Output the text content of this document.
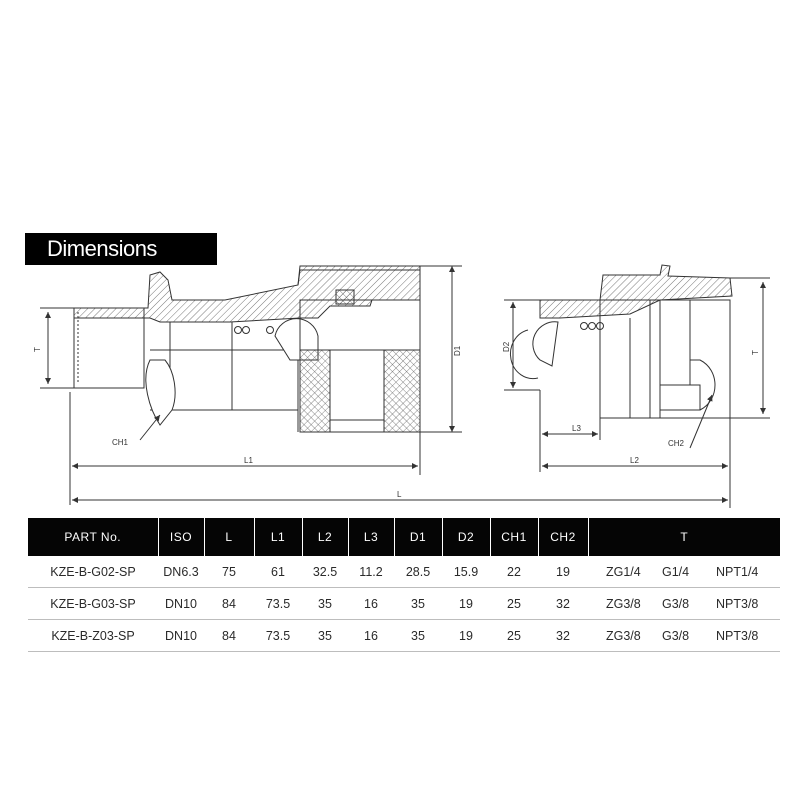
Dimensions
T
CH1
L1
D1
L
D2
L3
CH2
L2
T
PART No.	ISO	L	L1	L2	L3	D1	D2	CH1	CH2	T
KZE-B-G02-SP	DN6.3	75	61	32.5	11.2	28.5	15.9	22	19	ZG1/4 G1/4 NPT1/4
KZE-B-G03-SP	DN10	84	73.5	35	16	35	19	25	32	ZG3/8 G3/8 NPT3/8
KZE-B-Z03-SP	DN10	84	73.5	35	16	35	19	25	32	ZG3/8 G3/8 NPT3/8
